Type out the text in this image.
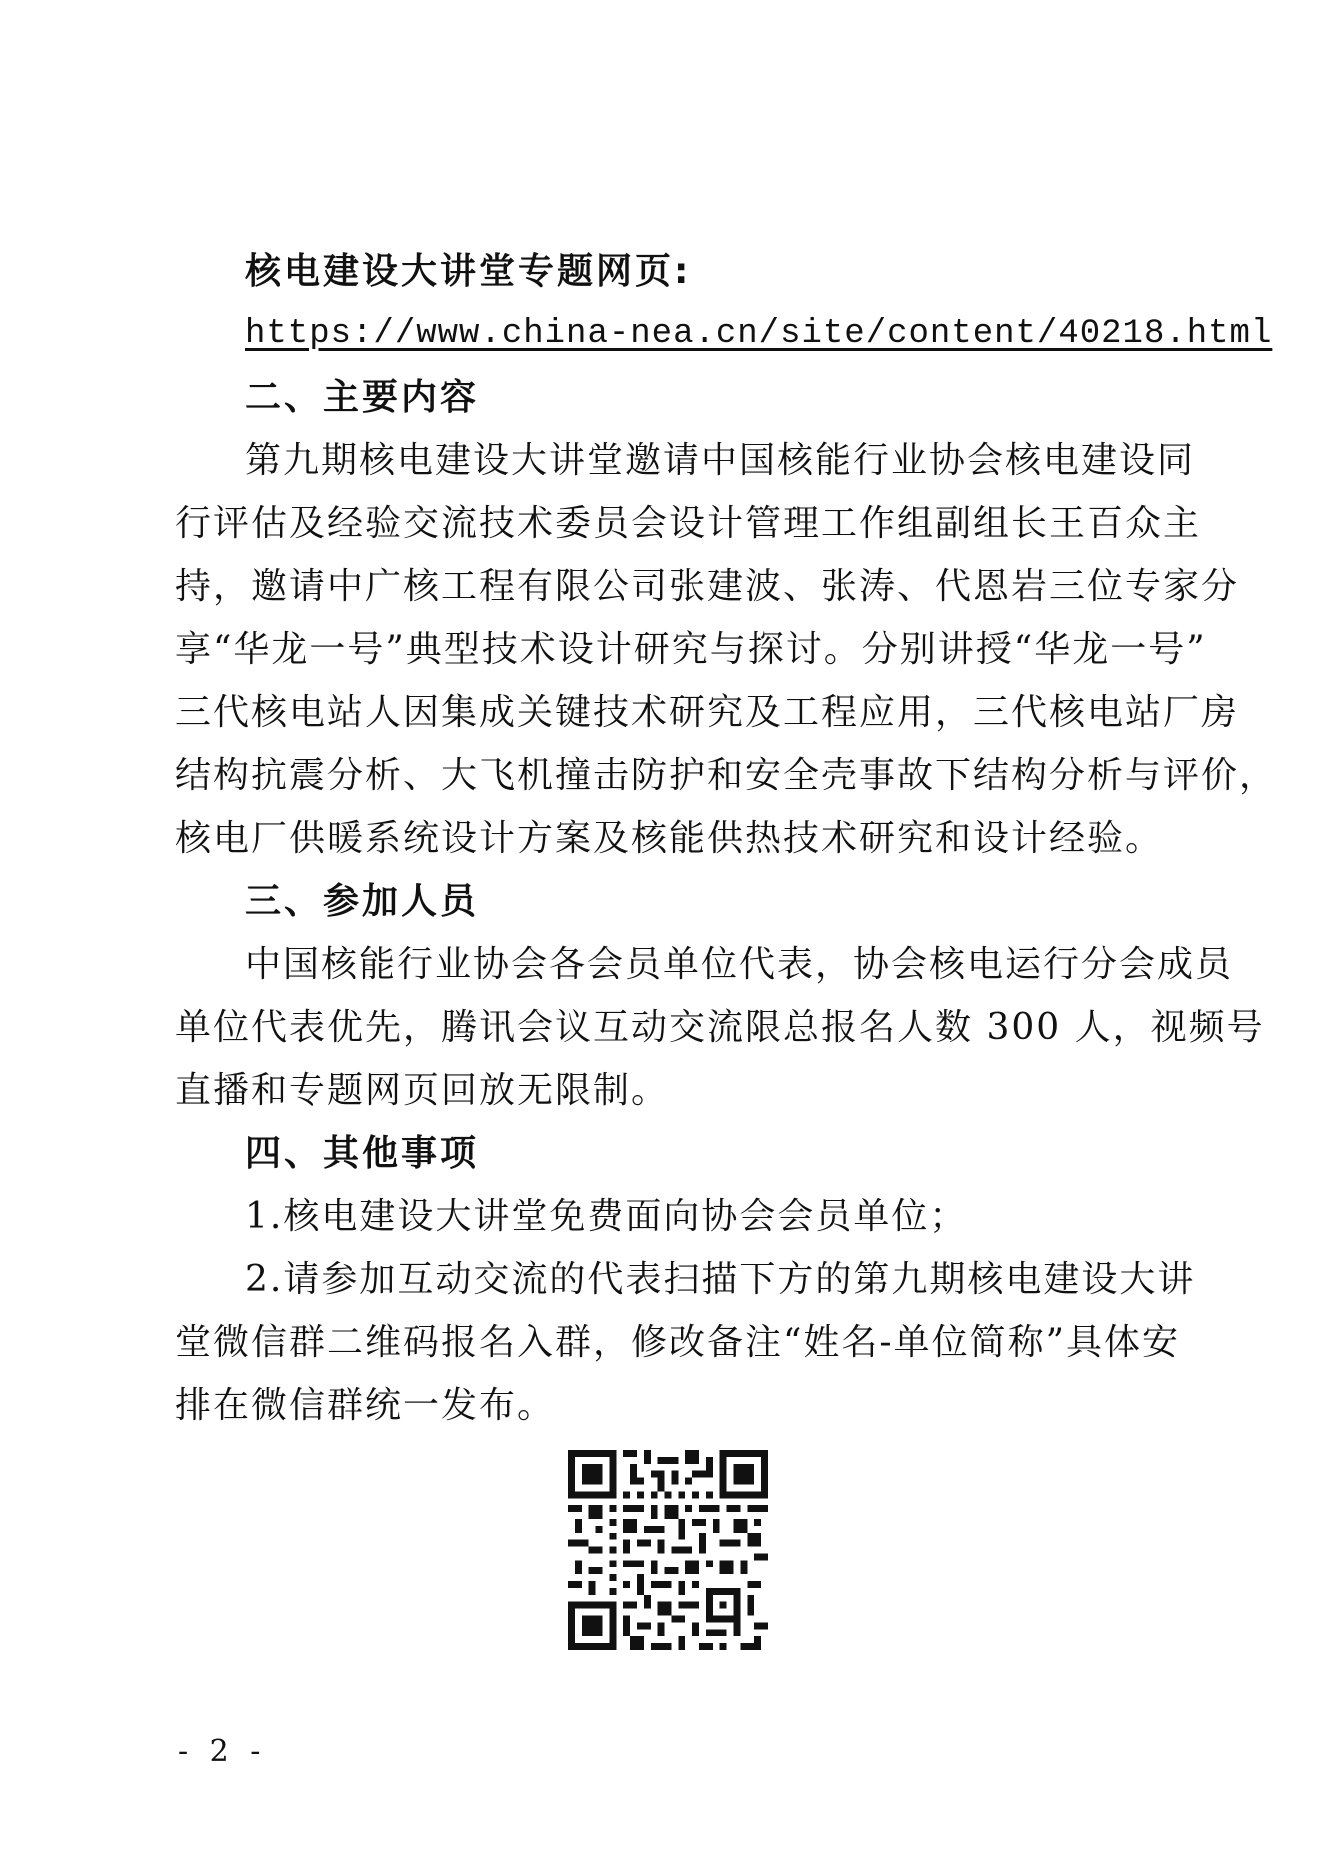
核电建设大讲堂专题网页:
https://www.china-nea.cn/site/content/40218.html
二、主要内容
第九期核电建设大讲堂邀请中国核能行业协会核电建设同
行评估及经验交流技术委员会设计管理工作组副组长王百众主
持，邀请中广核工程有限公司张建波、张涛、代恩岩三位专家分
享“华龙一号”典型技术设计研究与探讨。分别讲授“华龙一号”
三代核电站人因集成关键技术研究及工程应用，三代核电站厂房
结构抗震分析、大飞机撞击防护和安全壳事故下结构分析与评价，
核电厂供暖系统设计方案及核能供热技术研究和设计经验。
三、参加人员
中国核能行业协会各会员单位代表，协会核电运行分会成员
单位代表优先，腾讯会议互动交流限总报名人数 300 人，视频号
直播和专题网页回放无限制。
四、其他事项
1.核电建设大讲堂免费面向协会会员单位；
2.请参加互动交流的代表扫描下方的第九期核电建设大讲
堂微信群二维码报名入群，修改备注“姓名-单位简称”具体安
排在微信群统一发布。
- 2 -
